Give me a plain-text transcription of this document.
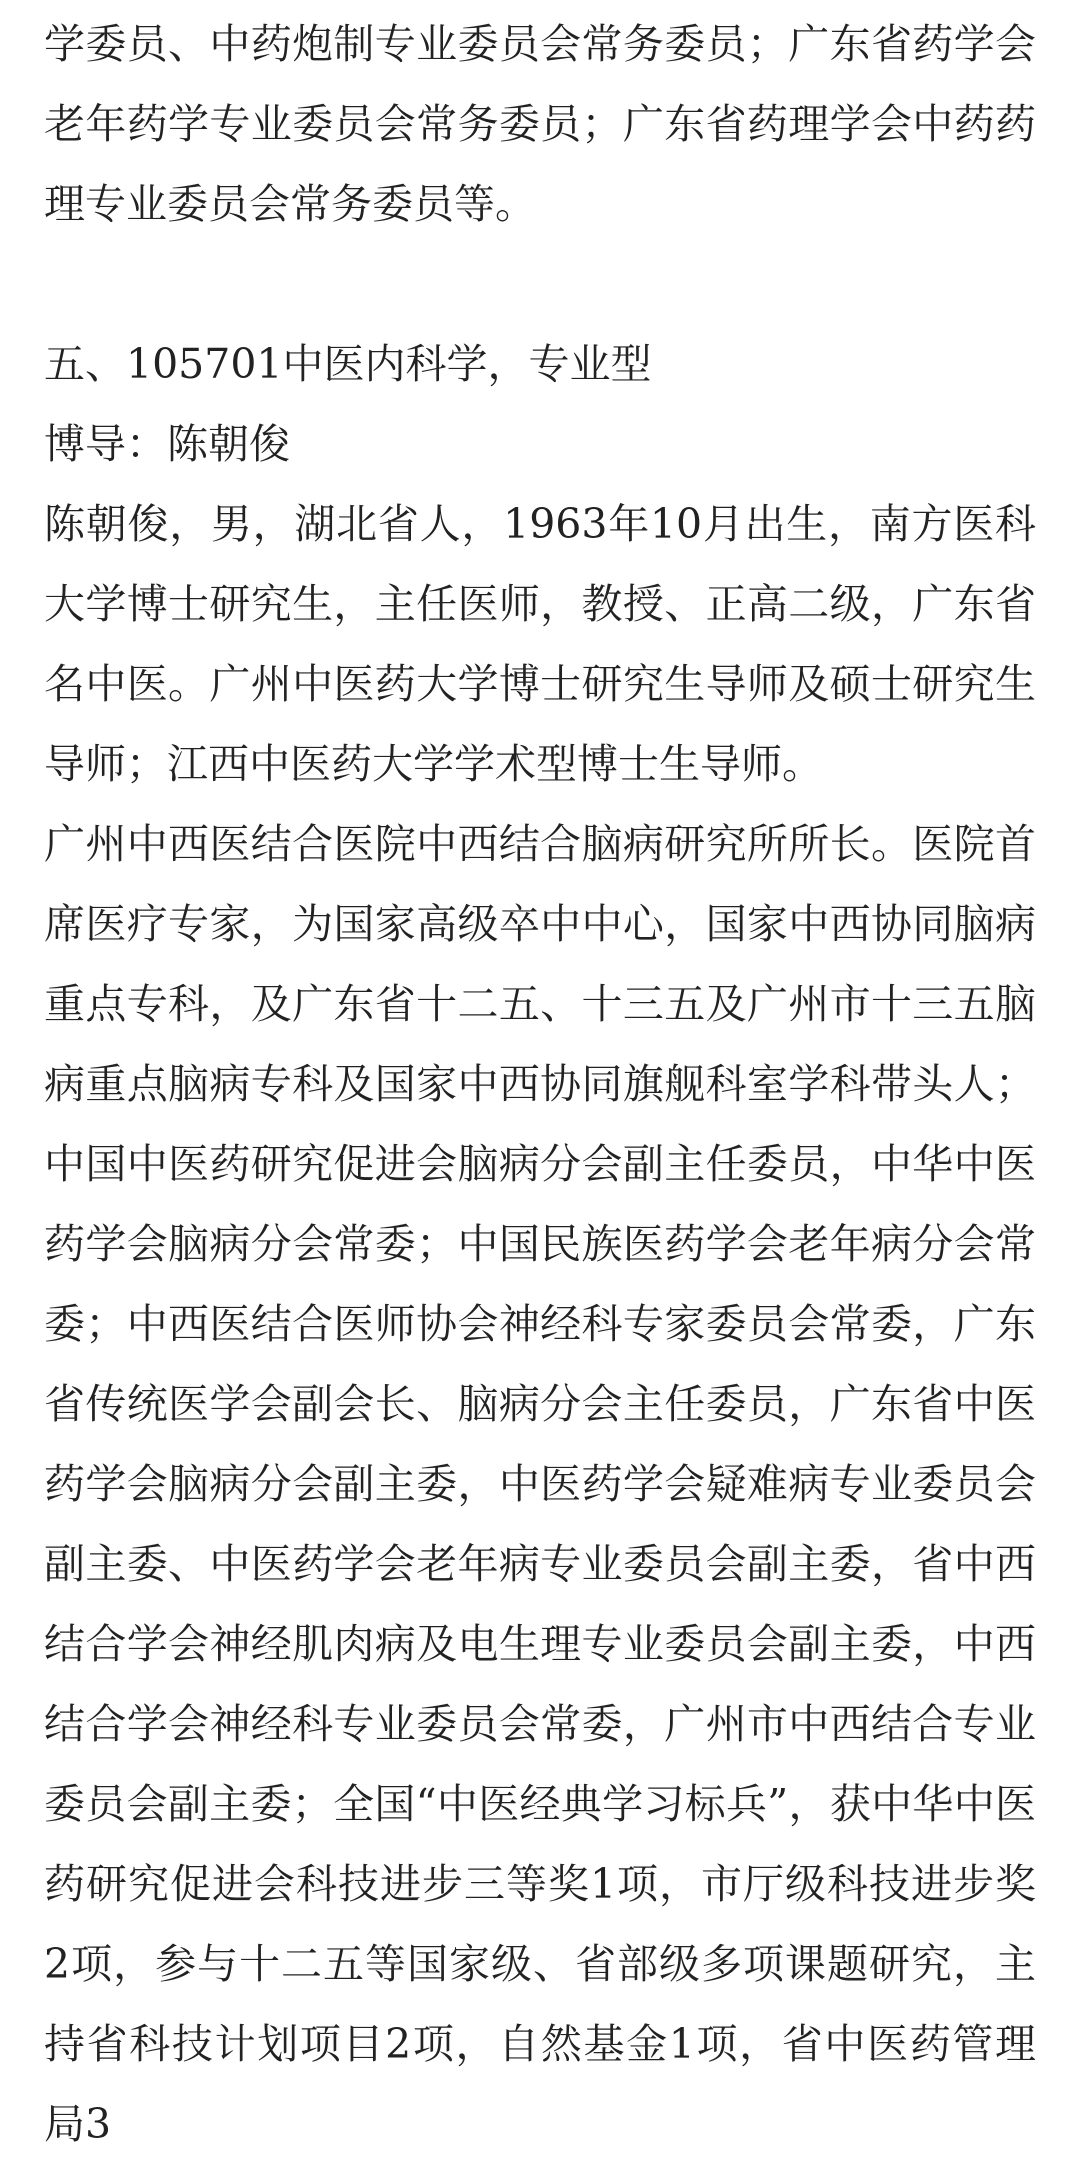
学委员、中药炮制专业委员会常务委员；广东省药学会老年药学专业委员会常务委员；广东省药理学会中药药理专业委员会常务委员等。

五、105701中医内科学，专业型

博导：陈朝俊

陈朝俊，男，湖北省人，1963年10月出生，南方医科大学博士研究生，主任医师，教授、正高二级，广东省名中医。广州中医药大学博士研究生导师及硕士研究生导师；江西中医药大学学术型博士生导师。

广州中西医结合医院中西结合脑病研究所所长。医院首席医疗专家，为国家高级卒中中心，国家中西协同脑病重点专科，及广东省十二五、十三五及广州市十三五脑病重点脑病专科及国家中西协同旗舰科室学科带头人；中国中医药研究促进会脑病分会副主任委员，中华中医药学会脑病分会常委；中国民族医药学会老年病分会常委；中西医结合医师协会神经科专家委员会常委，广东省传统医学会副会长、脑病分会主任委员，广东省中医药学会脑病分会副主委，中医药学会疑难病专业委员会副主委、中医药学会老年病专业委员会副主委，省中西结合学会神经肌肉病及电生理专业委员会副主委，中西结合学会神经科专业委员会常委，广州市中西结合专业委员会副主委；全国“中医经典学习标兵”，获中华中医药研究促进会科技进步三等奖1项，市厅级科技进步奖2项，参与十二五等国家级、省部级多项课题研究，主持省科技计划项目2项，自然基金1项，省中医药管理局3
